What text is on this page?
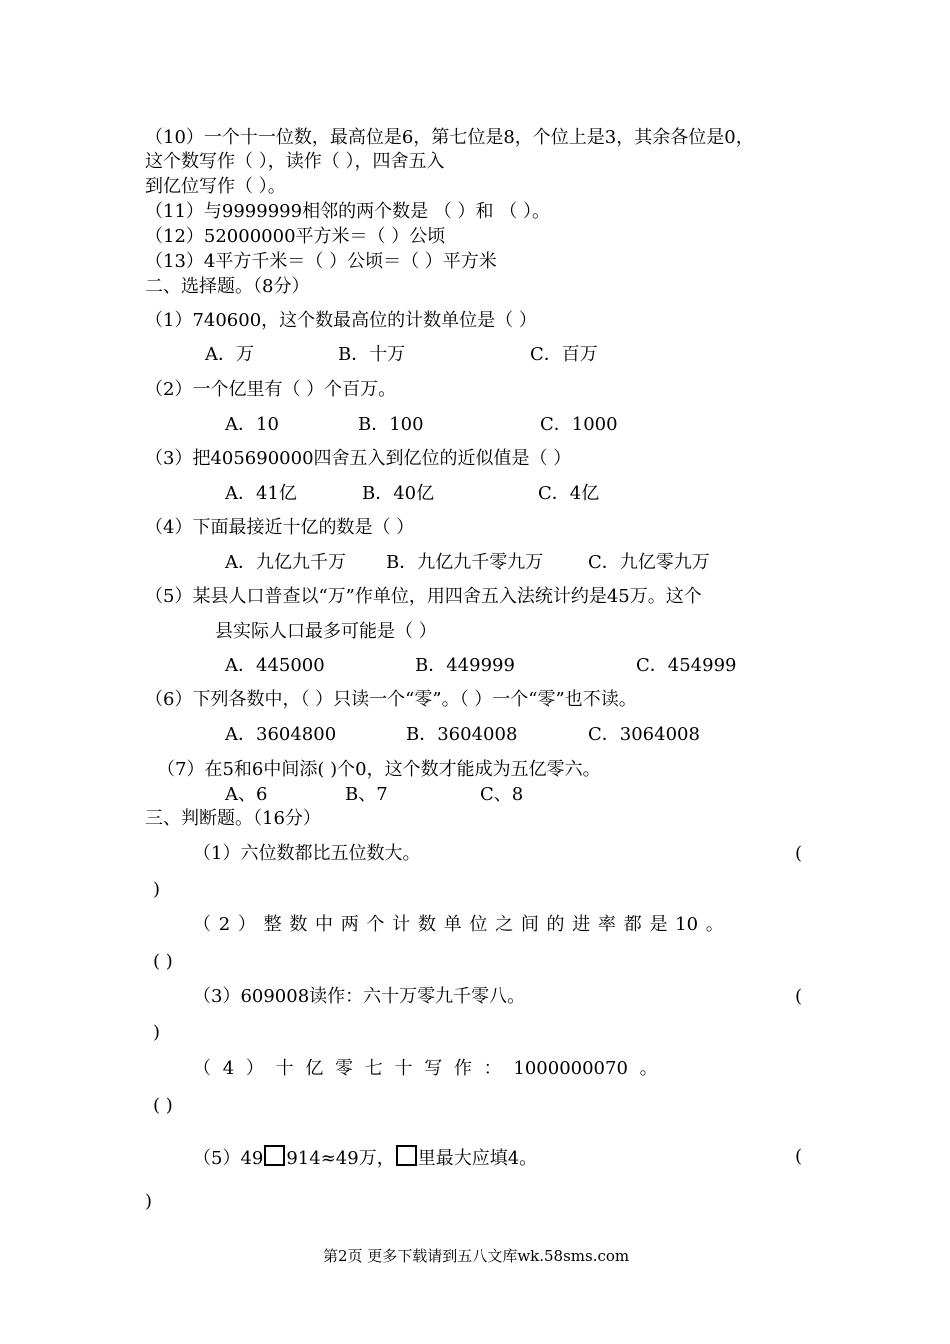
（10）一个十一位数，最高位是6，第七位是8，个位上是3，其余各位是0，
这个数写作（ ），读作（ ），四舍五入
到亿位写作（ ）。
（11）与9999999相邻的两个数是 （ ）和 （ ）。
（12）52000000平方米＝（ ）公顷
（13）4平方千米＝（ ）公顷＝（ ）平方米
二、选择题。（8分）
（1）740600，这个数最高位的计数单位是（ ）
A．万	B．十万	C．百万
（2）一个亿里有（ ）个百万。
A．10	B．100	C．1000
（3）把405690000四舍五入到亿位的近似值是（ ）
A．41亿	B．40亿	C．4亿
（4）下面最接近十亿的数是（ ）
A．九亿九千万 B．九亿九千零九万 C．九亿零九万
（5）某县人口普查以“万”作单位，用四舍五入法统计约是45万。这个
县实际人口最多可能是（ ）
A．445000	B．449999	C．454999
（6）下列各数中，（ ）只读一个“零”。（ ）一个“零”也不读。
A．3604800	B．3604008	C．3064008
（7）在5和6中间添( )个0，这个数才能成为五亿零六。
A、6	B、7	C、8
三、判断题。（16分）
（1）六位数都比五位数大。	(
)
（ 2 ） 整 数 中 两 个 计 数 单 位 之 间 的 进 率 都 是 10 。
( )
（3）609008读作：六十万零九千零八。	(
)
（ 4 ） 十 亿 零 七 十 写 作 ： 1000000070 。
( )
（5）49 914≈49万， 里最大应填4。	(
)
第2页 更多下载请到五八文库wk.58sms.com
